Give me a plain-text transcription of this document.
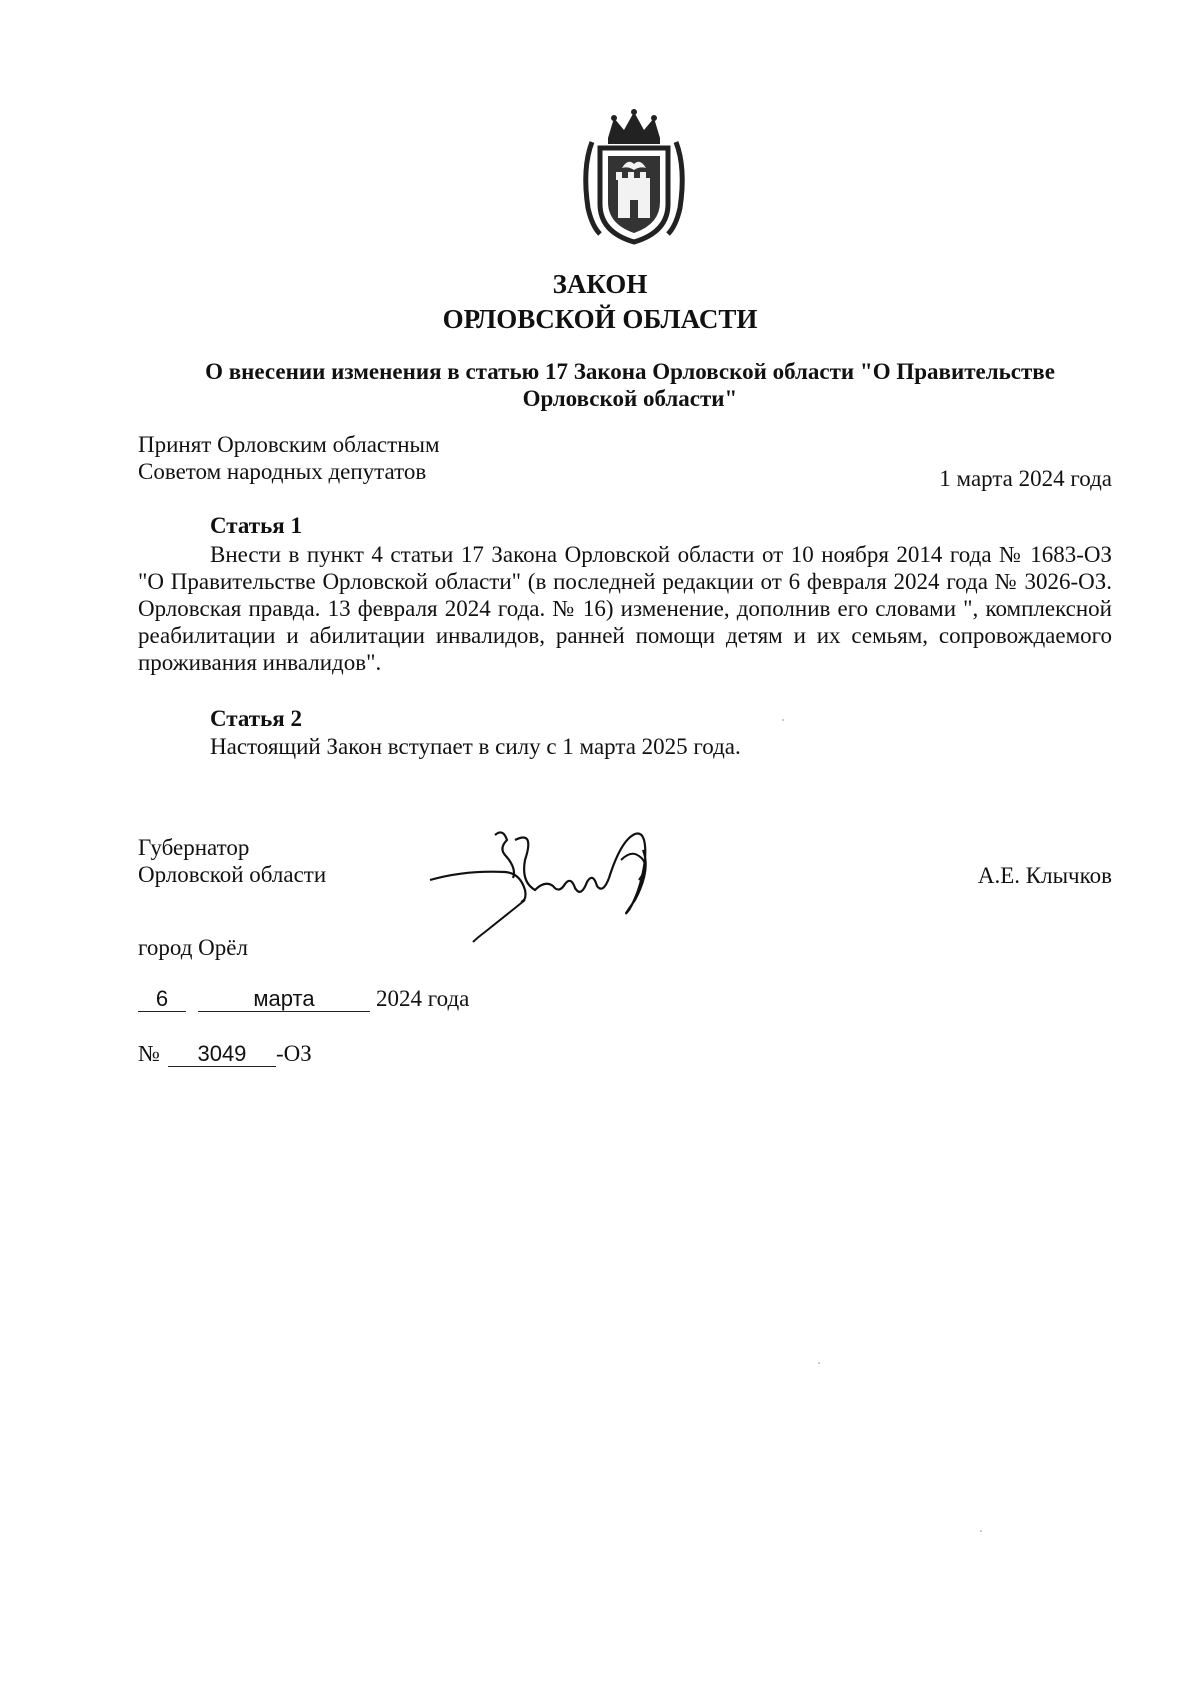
ЗАКОН
ОРЛОВСКОЙ ОБЛАСТИ
О внесении изменения в статью 17 Закона Орловской области "О Правительстве Орловской области"
Принят Орловским областным
Советом народных депутатов	1 марта 2024 года
Статья 1
Внести в пункт 4 статьи 17 Закона Орловской области от 10 ноября 2014 года № 1683-ОЗ "О Правительстве Орловской области" (в последней редакции от 6 февраля 2024 года № 3026-ОЗ. Орловская правда. 13 февраля 2024 года. № 16) изменение, дополнив его словами ", комплексной реабилитации и абилитации инвалидов, ранней помощи детям и их семьям, сопровождаемого проживания инвалидов".
Статья 2
Настоящий Закон вступает в силу с 1 марта 2025 года.
Губернатор
Орловской области	А.Е. Клычков
город Орёл
6	марта	2024 года
№ 3049 -ОЗ
